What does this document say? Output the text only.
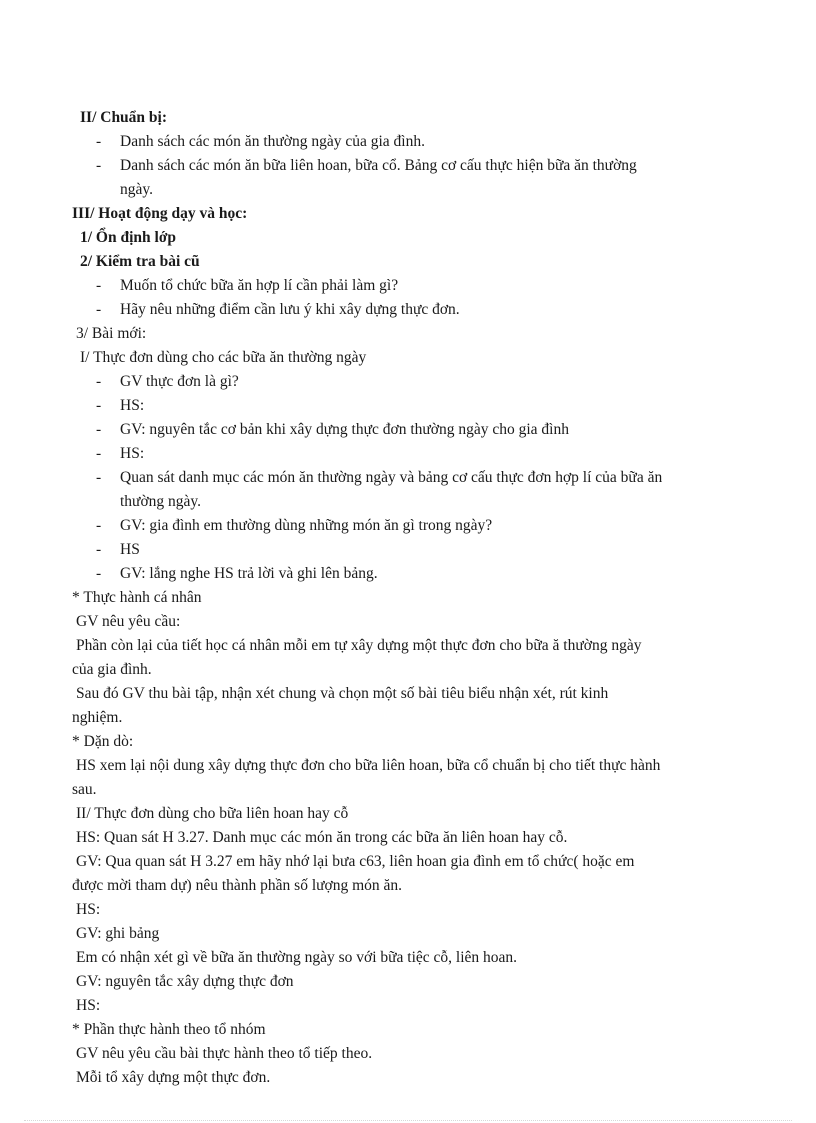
II/ Chuẩn bị:
- Danh sách các món ăn thường ngày của gia đình.
- Danh sách các món ăn bữa liên hoan, bữa cổ. Bảng cơ cấu thực hiện bữa ăn thường
ngày.
III/ Hoạt động dạy và học:
1/ Ổn định lớp
2/ Kiểm tra bài cũ
- Muốn tổ chức bữa ăn hợp lí cần phải làm gì?
- Hãy nêu những điểm cần lưu ý khi xây dựng thực đơn.
3/ Bài mới:
I/ Thực đơn dùng cho các bữa ăn thường ngày
- GV thực đơn là gì?
- HS:
- GV: nguyên tắc cơ bản khi xây dựng thực đơn thường ngày cho gia đình
- HS:
- Quan sát danh mục các món ăn thường ngày và bảng cơ cấu thực đơn hợp lí của bữa ăn
thường ngày.
- GV: gia đình em thường dùng những món ăn gì trong ngày?
- HS
- GV: lắng nghe HS trả lời và ghi lên bảng.
* Thực hành cá nhân
GV nêu yêu cầu:
Phần còn lại của tiết học cá nhân mỗi em tự xây dựng một thực đơn cho bữa ă thường ngày
của gia đình.
Sau đó GV thu bài tập, nhận xét chung và chọn một số bài tiêu biểu nhận xét, rút kinh
nghiệm.
* Dặn dò:
HS xem lại nội dung xây dựng thực đơn cho bữa liên hoan, bữa cổ chuẩn bị cho tiết thực hành
sau.
II/ Thực đơn dùng cho bữa liên hoan hay cỗ
HS: Quan sát H 3.27. Danh mục các món ăn trong các bữa ăn liên hoan hay cỗ.
GV: Qua quan sát H 3.27 em hãy nhớ lại bưa c63, liên hoan gia đình em tổ chức( hoặc em
được mời tham dự) nêu thành phần số lượng món ăn.
HS:
GV: ghi bảng
Em có nhận xét gì về bữa ăn thường ngày so với bữa tiệc cỗ, liên hoan.
GV: nguyên tắc xây dựng thực đơn
HS:
* Phần thực hành theo tổ nhóm
GV nêu yêu cầu bài thực hành theo tổ tiếp theo.
Mỗi tổ xây dựng một thực đơn.
